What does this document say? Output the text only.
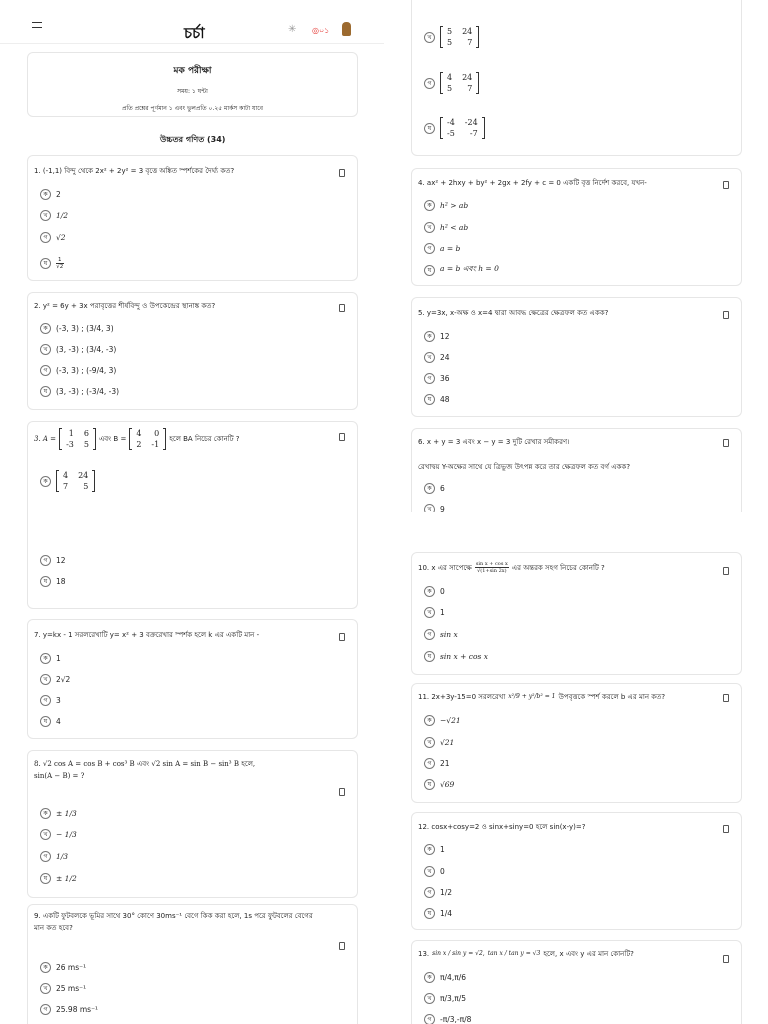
চর্চা	✳ ◎০১
মক পরীক্ষা
সময়: ১ ঘন্টা
প্রতি প্রশ্নের পূর্ণমান ১ এবং ভুলপ্রতি ০.২৫ মার্কস কাটা যাবে
উচ্চতর গণিত (34)
1. (-1,1) বিন্দু থেকে 2x² + 2y² = 3 বৃত্তে অঙ্কিত স্পর্শকের দৈর্ঘ্য কত?
ক	2
খ	1/2
গ	√2
ঘ	1
√2
2. y² = 6y + 3x পরাবৃত্তের শীর্ষবিন্দু ও উপকেন্দ্রের স্থানাঙ্ক কত?
ক	(-3, 3) ; (3/4, 3)
খ	(3, -3) ; (3/4, -3)
গ	(-3, 3) ; (-9/4, 3)
ঘ	(3, -3) ; (-3/4, -3)
3. A =
1 6
-3 5
এবং B =
4	0
2 -1
হলে BA নিচের কোনটি ?
ক
4 24
7	5
খ
5 24
5	7
গ
4 24
5	7
ঘ
-4 -24
-5	-7
4. ax² + 2hxy + by² + 2gx + 2fy + c = 0 একটি বৃত্ত নির্দেশ করবে, যখন-
ক	h² > ab
খ	h² < ab
গ	a = b
ঘ	a = b এবং h = 0
5. y=3x, x-অক্ষ ও x=4 দ্বারা আবদ্ধ ক্ষেত্রের ক্ষেত্রফল কত একক?
ক	12
খ	24
গ	36
ঘ	48
6. x + y = 3 এবং x − y = 3 দুটি রেখার সমীকরণ।
রেখাদ্বয় Y-অক্ষের সাথে যে ত্রিভুজ উৎপন্ন করে তার ক্ষেত্রফল কত বর্গ একক?
ক	6
খ	9
গ	12
ঘ	18
7. y=kx - 1 সরলরেখাটি y= x² + 3 বক্ররেখার স্পর্শক হলে k এর একটি মান -
ক	1
খ	2√2
গ	3
ঘ	4
8. √2 cos A = cos B + cos³ B এবং √2 sin A = sin B − sin³ B হলে,
sin(A − B) = ?
ক	± 1/3
খ	− 1/3
গ	1/3
ঘ	± 1/2
9. একটি ফুটবলকে ভূমির সাথে 30° কোণে 30ms⁻¹ বেগে কিক করা হলে, 1s পরে ফুটবলের বেগের
মান কত হবে?
ক	26 ms⁻¹
খ	25 ms⁻¹
গ	25.98 ms⁻¹
10. x এর সাপেক্ষে sin x + cos x
√(1+sin 2x) এর অন্তরক সহগ নিচের কোনটি ?
ক	0
খ	1
গ	sin x
ঘ	sin x + cos x
11. 2x+3y-15=0 সরলরেখা x²/9 + y²/b² = 1 উপবৃত্তকে স্পর্শ করলে b এর মান কত?
ক	−√21
খ	√21
গ	21
ঘ	√69
12. cosx+cosy=2 ও sinx+siny=0 হলে sin(x-y)=?
ক	1
খ	0
গ	1/2
ঘ	1/4
13. sin x / sin y = √2, tan x / tan y = √3 হলে, x এবং y এর মান কোনটি?
ক	π/4,π/6
খ	π/3,π/5
গ	-π/3,-π/8
